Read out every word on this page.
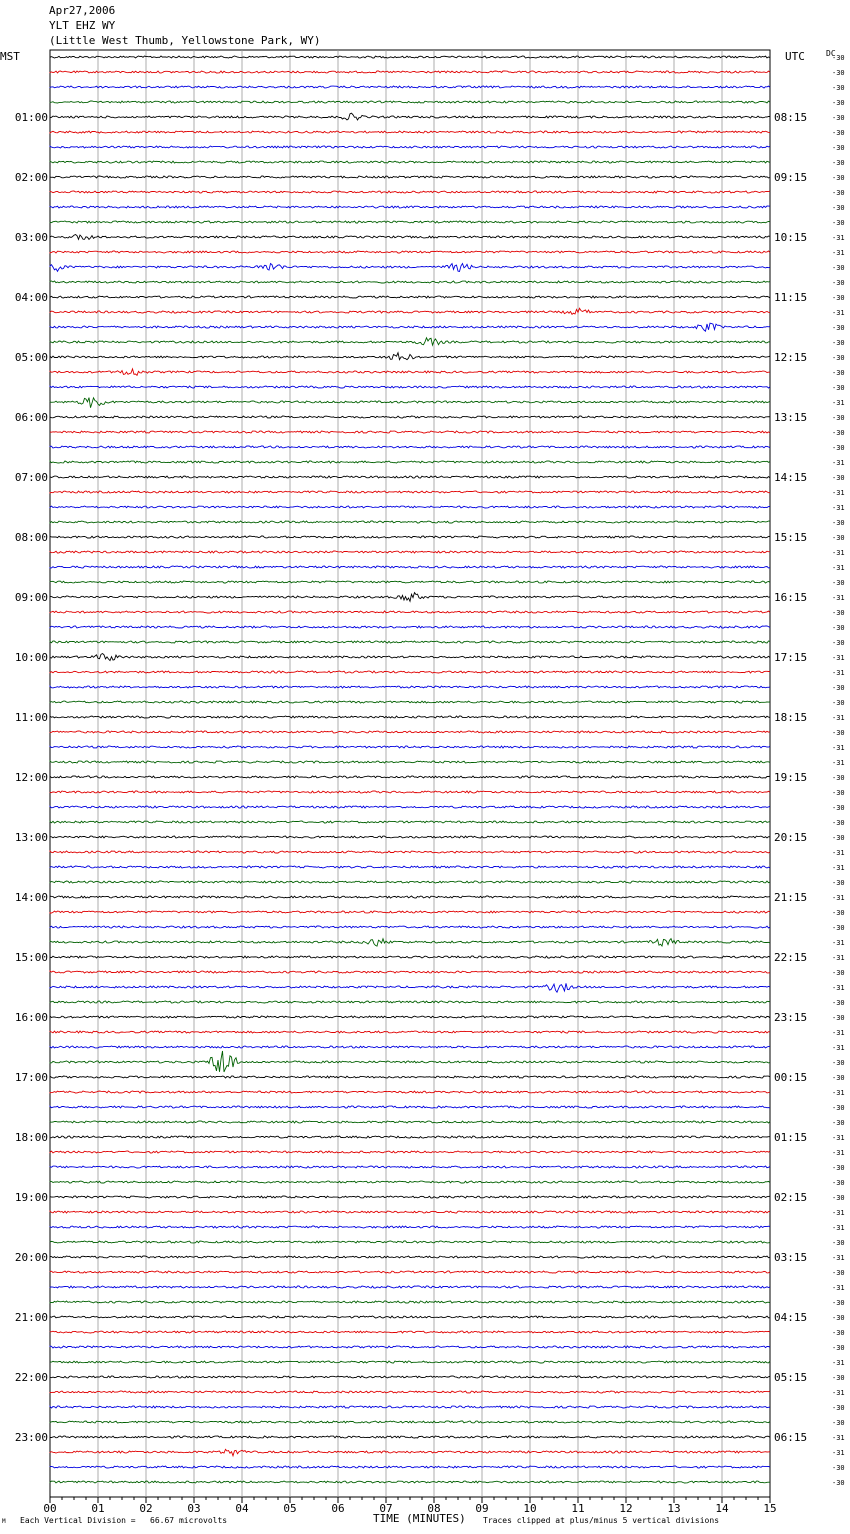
Apr27,2006
YLT EHZ WY
(Little West Thumb, Yellowstone Park, WY)
MST	UTC	DC
00	01	02	03	04	05	06	07	08	09	10	11	12	13	14	15
-30
-30
-30
-30
-30
-30
-30
-30
-30
-30
-30
-30
-31
-31
-30
-30
-30
-31
-30
-30
-30
-30
-30
-31
-30
-30
-30
-31
-30
-31
-31
-30
-30
-31
-31
-30
-31
-30
-30
-30
-31
-31
-30
-30
-31
-30
-31
-31
-30
-30
-30
-30
-30
-31
-31
-30
-31
-30
-30
-31
-31
-30
-31
-30
-30
-31
-31
-30
-30
-31
-30
-30
-31
-31
-30
-30
-30
-31
-31
-30
-31
-30
-31
-30
-30
-30
-30
-31
-30
-31
-30
-30
-31
-31
-30
-30
01:00	08:15
02:00	09:15
03:00	10:15
04:00	11:15
05:00	12:15
06:00	13:15
07:00	14:15
08:00	15:15
09:00	16:15
10:00	17:15
11:00	18:15
12:00	19:15
13:00	20:15
14:00	21:15
15:00	22:15
16:00	23:15
17:00	00:15
18:00	01:15
19:00	02:15
20:00	03:15
21:00	04:15
22:00	05:15
23:00	06:15
M Each Vertical Division =   66.67 microvolts	TIME (MINUTES) Traces clipped at plus/minus 5 vertical divisions
